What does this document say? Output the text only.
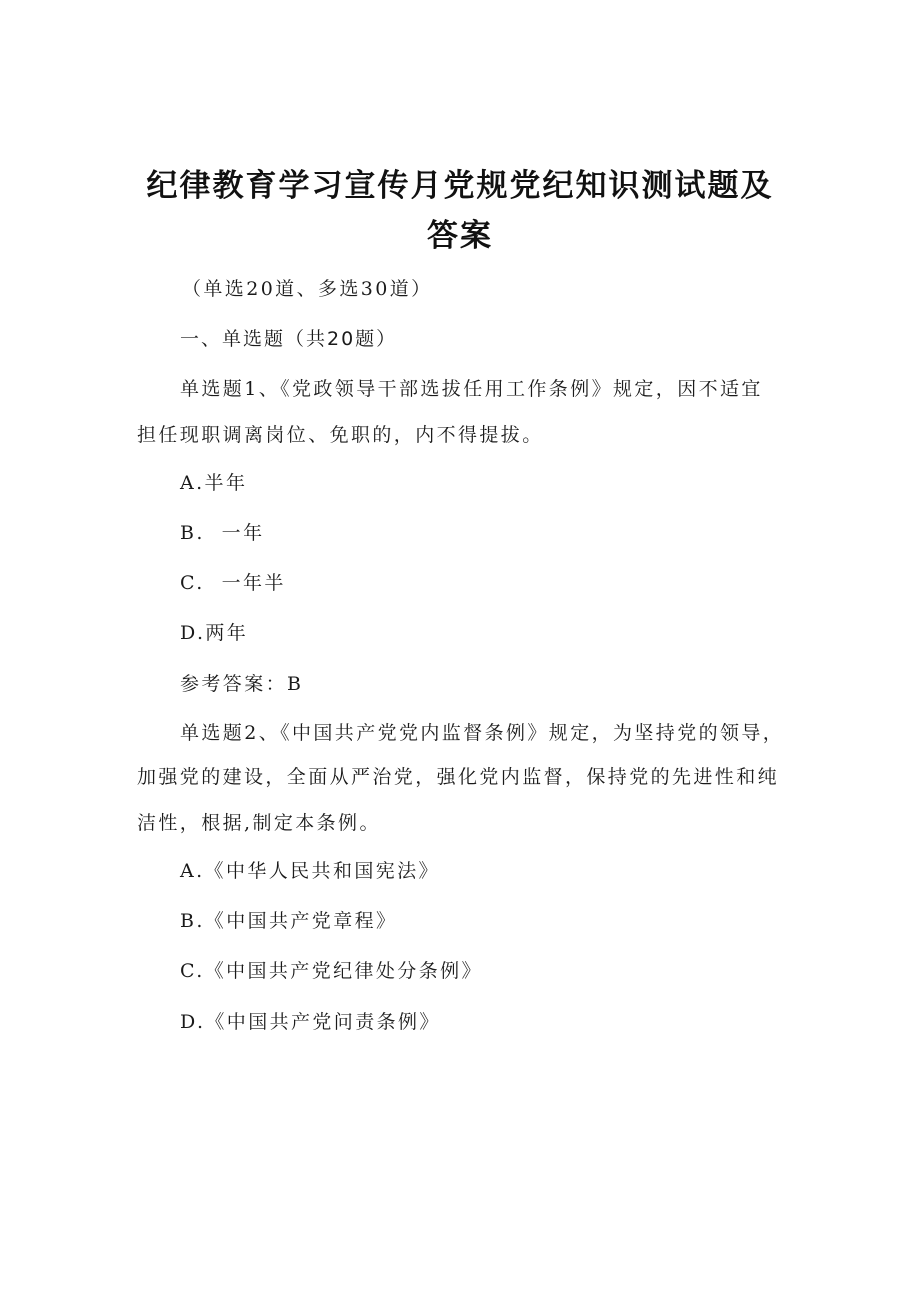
纪律教育学习宣传月党规党纪知识测试题及
答案
（单选20道、多选30道）
一、单选题（共20题）
单选题1、《党政领导干部选拔任用工作条例》规定，因不适宜
担任现职调离岗位、免职的，内不得提拔。
A.半年
B.  一年
C.  一年半
D.两年
参考答案：B
单选题2、《中国共产党党内监督条例》规定，为坚持党的领导，
加强党的建设，全面从严治党，强化党内监督，保持党的先进性和纯
洁性，根据,制定本条例。
A.《中华人民共和国宪法》
B.《中国共产党章程》
C.《中国共产党纪律处分条例》
D.《中国共产党问责条例》
